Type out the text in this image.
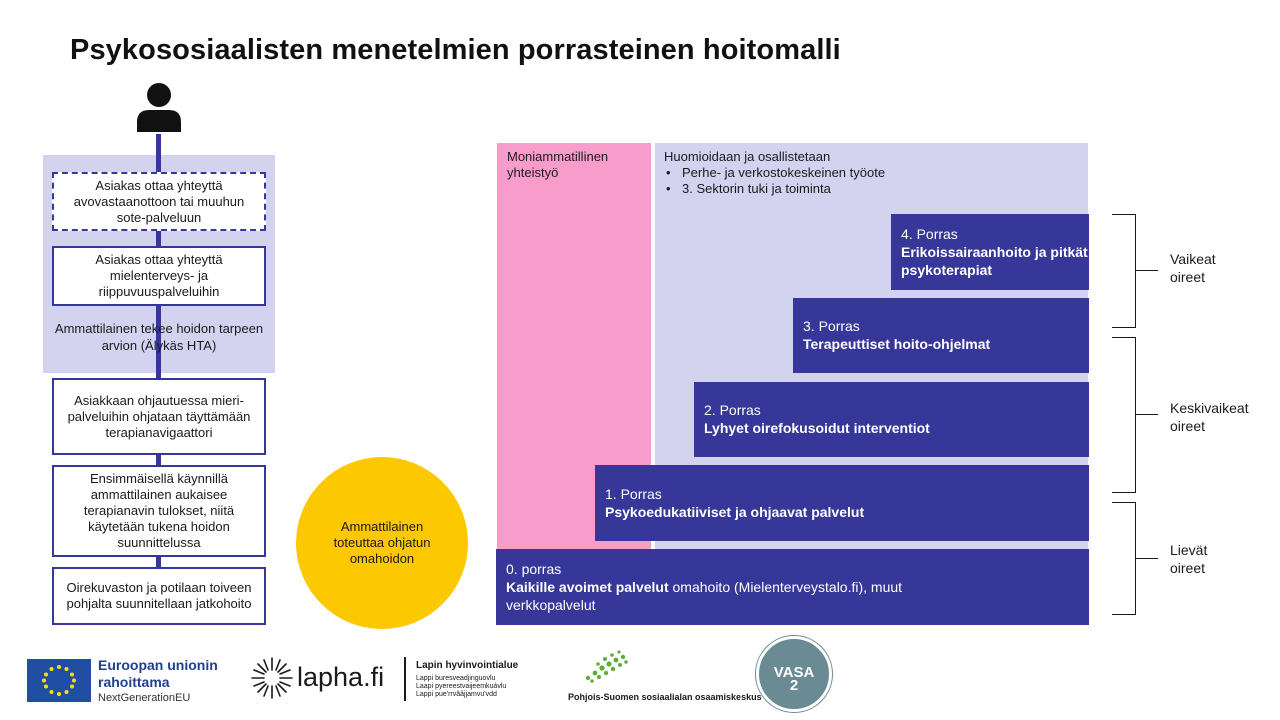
Psykososiaalisten menetelmien porrasteinen hoitomalli
Asiakas ottaa yhteyttä avovastaanottoon tai muuhun sote-palveluun
Asiakas ottaa yhteyttä mielenterveys- ja riippuvuuspalveluihin
Ammattilainen tekee hoidon tarpeen arvion (Älykäs HTA)
Asiakkaan ohjautuessa mieri-palveluihin ohjataan täyttämään terapianavigaattori
Ensimmäisellä käynnillä ammattilainen aukaisee terapianavin tulokset, niitä käytetään tukena hoidon suunnittelussa
Oirekuvaston ja potilaan toiveen pohjalta suunnitellaan jatkohoito
Ammattilainen toteuttaa ohjatun omahoidon
Moniammatillinen yhteistyö
Huomioidaan ja osallistetaan
• Perhe- ja verkostokeskeinen työote
• 3. Sektorin tuki ja toiminta
4. Porras
Erikoissairaanhoito ja pitkät psykoterapiat
3. Porras
Terapeuttiset hoito-ohjelmat
2. Porras
Lyhyet oirefokusoidut interventiot
1. Porras
Psykoedukatiiviset ja ohjaavat palvelut
0. porras
Kaikille avoimet palvelut omahoito (Mielenterveystalo.fi), muut verkkopalvelut
Vaikeat oireet
Keskivaikeat oireet
Lievät oireet
Euroopan unionin
rahoittama
NextGenerationEU
lapha.fi	Lapin hyvinvointialue
Lappi buresveadjinguovlu
Laapi pyereestvaijeemkuávlu
Lappi pue'rrvââjjamvu'vdd	Pohjois-Suomen sosiaalialan osaamiskeskus
VASA
2
